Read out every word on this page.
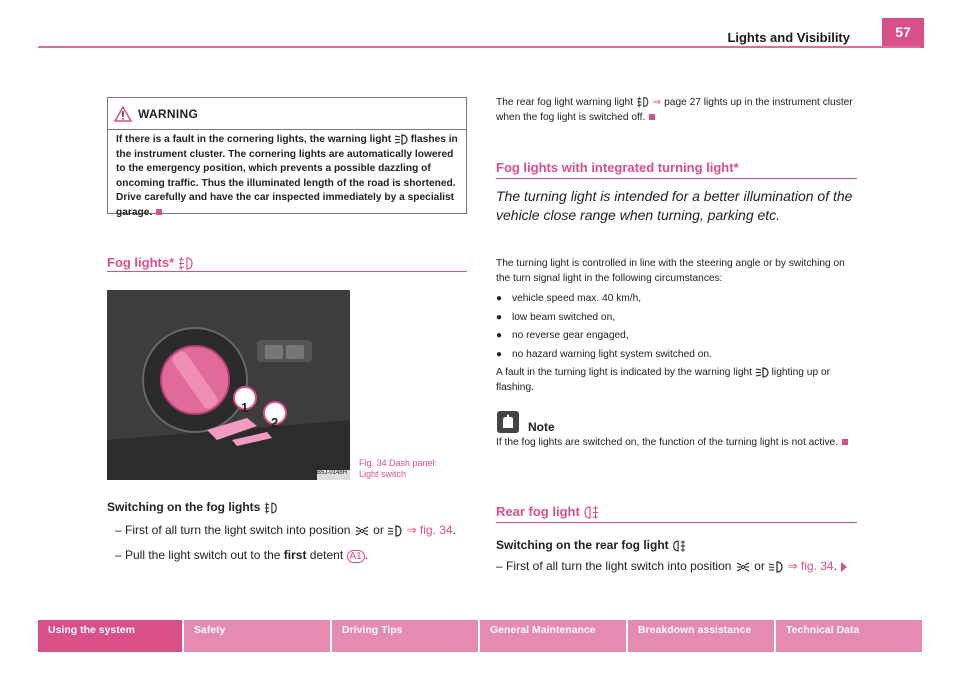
Lights and Visibility	57
WARNING
If there is a fault in the cornering lights, the warning light flashes in the instrument cluster. The cornering lights are automatically lowered to the emergency position, which prevents a possible dazzling of oncoming traffic. Thus the illuminated length of the road is shortened. Drive carefully and have the car inspected immediately by a specialist garage.
Fog lights*
1
2
B5J-0148H
Fig. 34 Dash panel:
Light switch
Switching on the fog lights
– First of all turn the light switch into position or ⇒ fig. 34.
– Pull the light switch out to the first detent A1 .
The rear fog light warning light ⇒ page 27 lights up in the instrument cluster when the fog light is switched off.
Fog lights with integrated turning light*
The turning light is intended for a better illumination of the vehicle close range when turning, parking etc.
The turning light is controlled in line with the steering angle or by switching on the turn signal light in the following circumstances:
● vehicle speed max. 40 km/h,
● low beam switched on,
● no reverse gear engaged,
● no hazard warning light system switched on.
A fault in the turning light is indicated by the warning light lighting up or flashing.
Note
If the fog lights are switched on, the function of the turning light is not active.
Rear fog light
Switching on the rear fog light
– First of all turn the light switch into position or ⇒ fig. 34.
Using the system	Safety	Driving Tips	General Maintenance	Breakdown assistance	Technical Data
